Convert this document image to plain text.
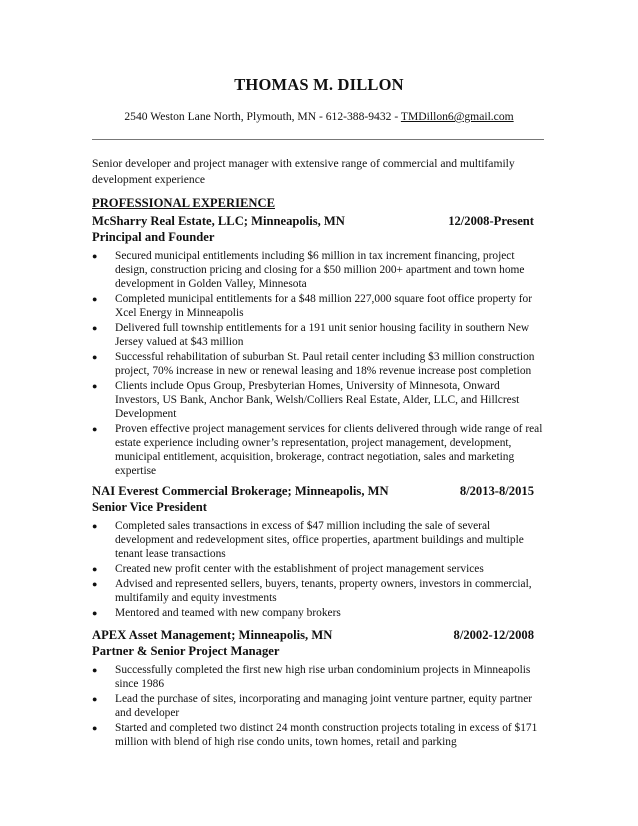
THOMAS M. DILLON
2540 Weston Lane North, Plymouth, MN - 612-388-9432 - TMDillon6@gmail.com
Senior developer and project manager with extensive range of commercial and multifamily development experience
PROFESSIONAL EXPERIENCE
McSharry Real Estate, LLC; Minneapolis, MN	12/2008-Present
Principal and Founder
● Secured municipal entitlements including $6 million in tax increment financing, project design, construction pricing and closing for a $50 million 200+ apartment and town home development in Golden Valley, Minnesota
● Completed municipal entitlements for a $48 million 227,000 square foot office property for Xcel Energy in Minneapolis
● Delivered full township entitlements for a 191 unit senior housing facility in southern New Jersey valued at $43 million
● Successful rehabilitation of suburban St. Paul retail center including $3 million construction project, 70% increase in new or renewal leasing and 18% revenue increase post completion
● Clients include Opus Group, Presbyterian Homes, University of Minnesota, Onward Investors, US Bank, Anchor Bank, Welsh/Colliers Real Estate, Alder, LLC, and Hillcrest Development
● Proven effective project management services for clients delivered through wide range of real estate experience including owner’s representation, project management, development, municipal entitlement, acquisition, brokerage, contract negotiation, sales and marketing expertise
NAI Everest Commercial Brokerage; Minneapolis, MN	8/2013-8/2015
Senior Vice President
● Completed sales transactions in excess of $47 million including the sale of several development and redevelopment sites, office properties, apartment buildings and multiple tenant lease transactions
● Created new profit center with the establishment of project management services
● Advised and represented sellers, buyers, tenants, property owners, investors in commercial, multifamily and equity investments
● Mentored and teamed with new company brokers
APEX Asset Management; Minneapolis, MN	8/2002-12/2008
Partner & Senior Project Manager
● Successfully completed the first new high rise urban condominium projects in Minneapolis since 1986
● Lead the purchase of sites, incorporating and managing joint venture partner, equity partner and developer
● Started and completed two distinct 24 month construction projects totaling in excess of $171 million with blend of high rise condo units, town homes, retail and parking
